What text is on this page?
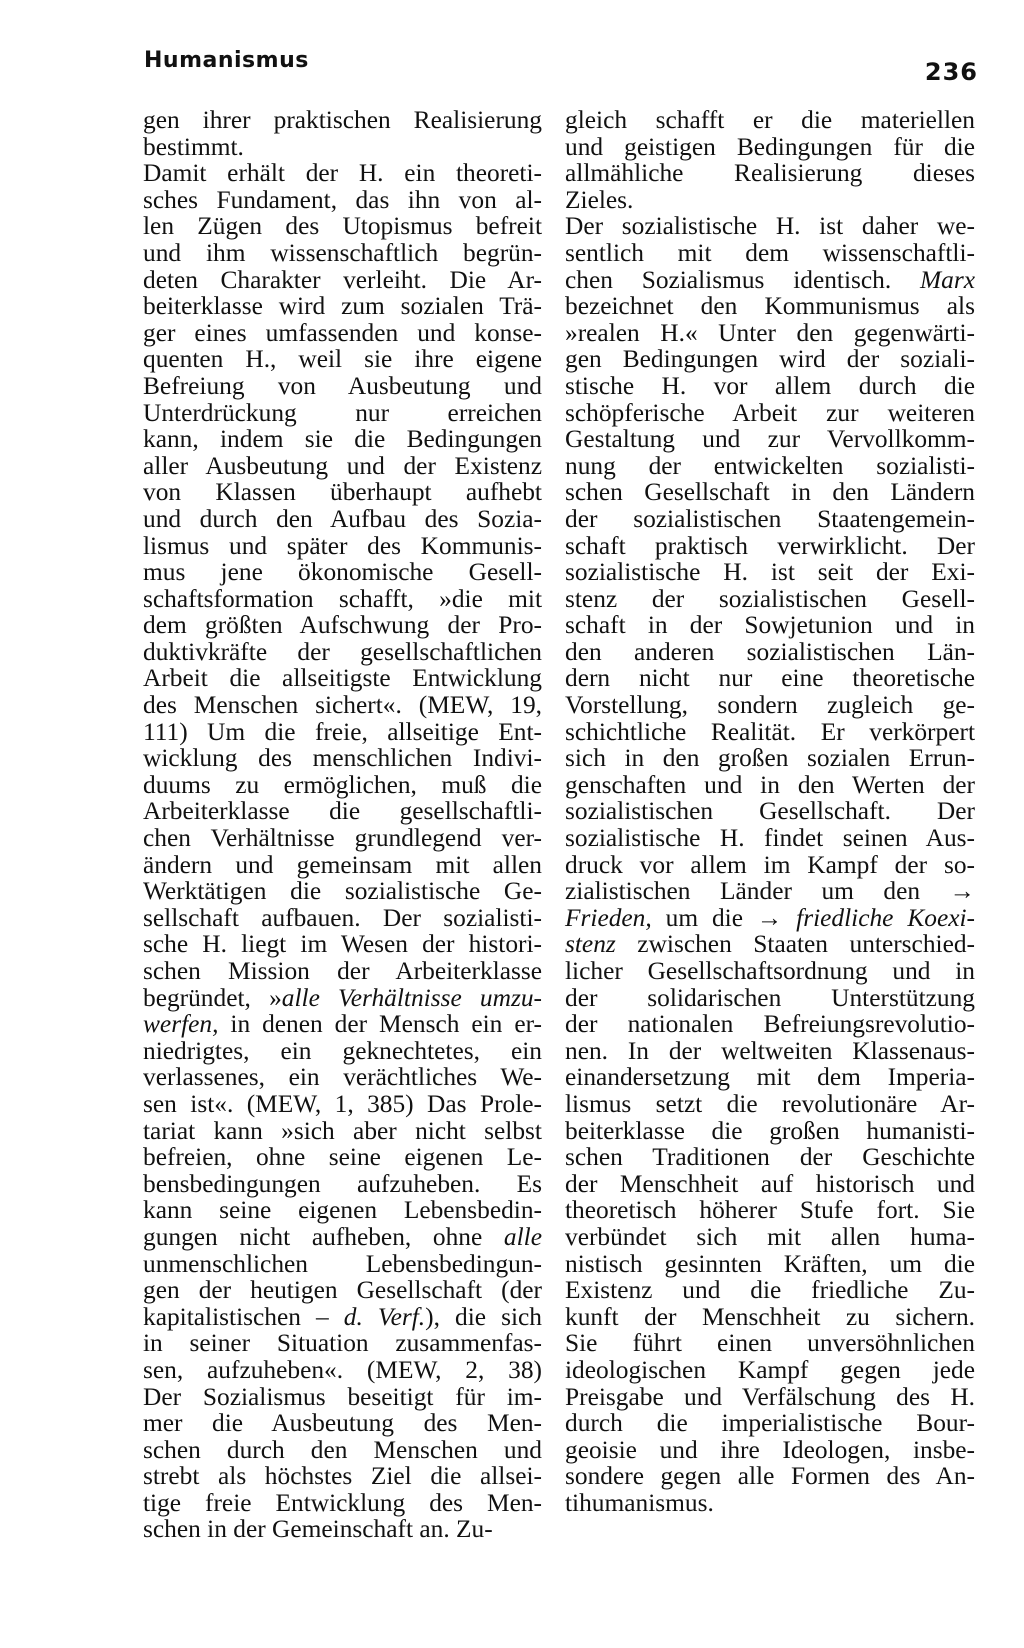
Humanismus	236
gen ihrer praktischen Realisierung
bestimmt.
Damit erhält der H. ein theoreti-
sches Fundament, das ihn von al-
len Zügen des Utopismus befreit
und ihm wissenschaftlich begrün-
deten Charakter verleiht. Die Ar-
beiterklasse wird zum sozialen Trä-
ger eines umfassenden und konse-
quenten H., weil sie ihre eigene
Befreiung von Ausbeutung und
Unterdrückung nur erreichen
kann, indem sie die Bedingungen
aller Ausbeutung und der Existenz
von Klassen überhaupt aufhebt
und durch den Aufbau des Sozia-
lismus und später des Kommunis-
mus jene ökonomische Gesell-
schaftsformation schafft, »die mit
dem größten Aufschwung der Pro-
duktivkräfte der gesellschaftlichen
Arbeit die allseitigste Entwicklung
des Menschen sichert«. (MEW, 19,
111) Um die freie, allseitige Ent-
wicklung des menschlichen Indivi-
duums zu ermöglichen, muß die
Arbeiterklasse die gesellschaftli-
chen Verhältnisse grundlegend ver-
ändern und gemeinsam mit allen
Werktätigen die sozialistische Ge-
sellschaft aufbauen. Der sozialisti-
sche H. liegt im Wesen der histori-
schen Mission der Arbeiterklasse
begründet, »alle Verhältnisse umzu-
werfen, in denen der Mensch ein er-
niedrigtes, ein geknechtetes, ein
verlassenes, ein verächtliches We-
sen ist«. (MEW, 1, 385) Das Prole-
tariat kann »sich aber nicht selbst
befreien, ohne seine eigenen Le-
bensbedingungen aufzuheben. Es
kann seine eigenen Lebensbedin-
gungen nicht aufheben, ohne alle
unmenschlichen Lebensbedingun-
gen der heutigen Gesellschaft (der
kapitalistischen – d. Verf.), die sich
in seiner Situation zusammenfas-
sen, aufzuheben«. (MEW, 2, 38)
Der Sozialismus beseitigt für im-
mer die Ausbeutung des Men-
schen durch den Menschen und
strebt als höchstes Ziel die allsei-
tige freie Entwicklung des Men-
schen in der Gemeinschaft an. Zu-
gleich schafft er die materiellen
und geistigen Bedingungen für die
allmähliche Realisierung dieses
Zieles.
Der sozialistische H. ist daher we-
sentlich mit dem wissenschaftli-
chen Sozialismus identisch. Marx
bezeichnet den Kommunismus als
»realen H.« Unter den gegenwärti-
gen Bedingungen wird der soziali-
stische H. vor allem durch die
schöpferische Arbeit zur weiteren
Gestaltung und zur Vervollkomm-
nung der entwickelten sozialisti-
schen Gesellschaft in den Ländern
der sozialistischen Staatengemein-
schaft praktisch verwirklicht. Der
sozialistische H. ist seit der Exi-
stenz der sozialistischen Gesell-
schaft in der Sowjetunion und in
den anderen sozialistischen Län-
dern nicht nur eine theoretische
Vorstellung, sondern zugleich ge-
schichtliche Realität. Er verkörpert
sich in den großen sozialen Errun-
genschaften und in den Werten der
sozialistischen Gesellschaft. Der
sozialistische H. findet seinen Aus-
druck vor allem im Kampf der so-
zialistischen Länder um den →
Frieden, um die → friedliche Koexi-
stenz zwischen Staaten unterschied-
licher Gesellschaftsordnung und in
der solidarischen Unterstützung
der nationalen Befreiungsrevolutio-
nen. In der weltweiten Klassenaus-
einandersetzung mit dem Imperia-
lismus setzt die revolutionäre Ar-
beiterklasse die großen humanisti-
schen Traditionen der Geschichte
der Menschheit auf historisch und
theoretisch höherer Stufe fort. Sie
verbündet sich mit allen huma-
nistisch gesinnten Kräften, um die
Existenz und die friedliche Zu-
kunft der Menschheit zu sichern.
Sie führt einen unversöhnlichen
ideologischen Kampf gegen jede
Preisgabe und Verfälschung des H.
durch die imperialistische Bour-
geoisie und ihre Ideologen, insbe-
sondere gegen alle Formen des An-
tihumanismus.
